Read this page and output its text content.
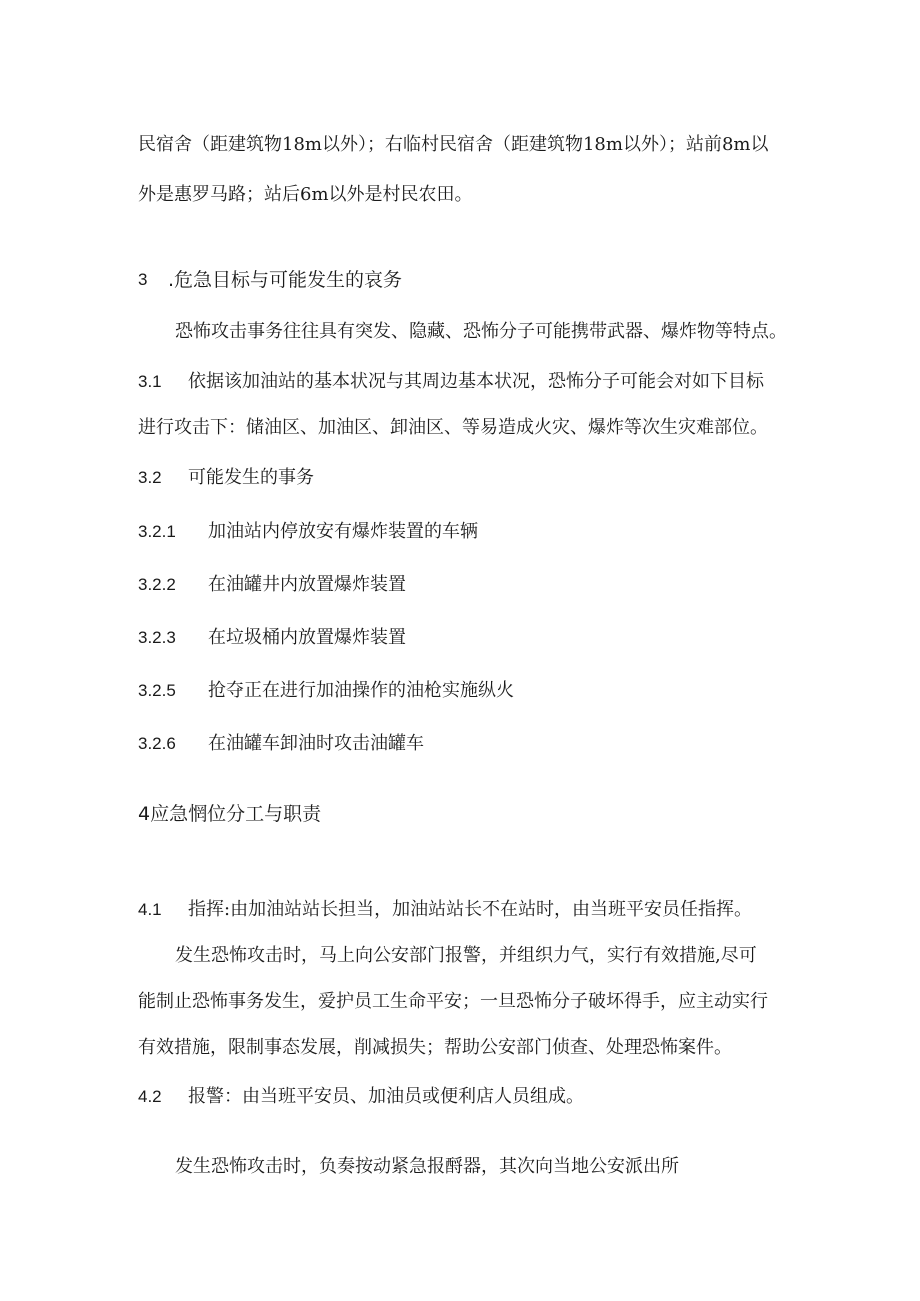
民宿舍（距建筑物18m以外）；右临村民宿舍（距建筑物18m以外）；站前8m以
外是惠罗马路；站后6m以外是村民农田。
3 .危急目标与可能发生的哀务
恐怖攻击事务往往具有突发、隐藏、恐怖分子可能携带武器、爆炸物等特点。
3.1 依据该加油站的基本状况与其周边基本状况，恐怖分子可能会对如下目标
进行攻击下：储油区、加油区、卸油区、等易造成火灾、爆炸等次生灾难部位。
3.2 可能发生的事务
3.2.1 加油站内停放安有爆炸装置的车辆
3.2.2 在油罐井内放置爆炸装置
3.2.3 在垃圾桶内放置爆炸装置
3.2.5 抢夺正在进行加油操作的油枪实施纵火
3.2.6 在油罐车卸油时攻击油罐车
4应急惘位分工与职责
4.1 指挥:由加油站站长担当，加油站站长不在站时，由当班平安员任指挥。
发生恐怖攻击时，马上向公安部门报警，并组织力气，实行有效措施,尽可
能制止恐怖事务发生，爱护员工生命平安；一旦恐怖分子破坏得手，应主动实行
有效措施，限制事态发展，削减损失；帮助公安部门侦查、处理恐怖案件。
4.2 报警：由当班平安员、加油员或便利店人员组成。
发生恐怖攻击时，负奏按动紧急报酹器，其次向当地公安派出所
